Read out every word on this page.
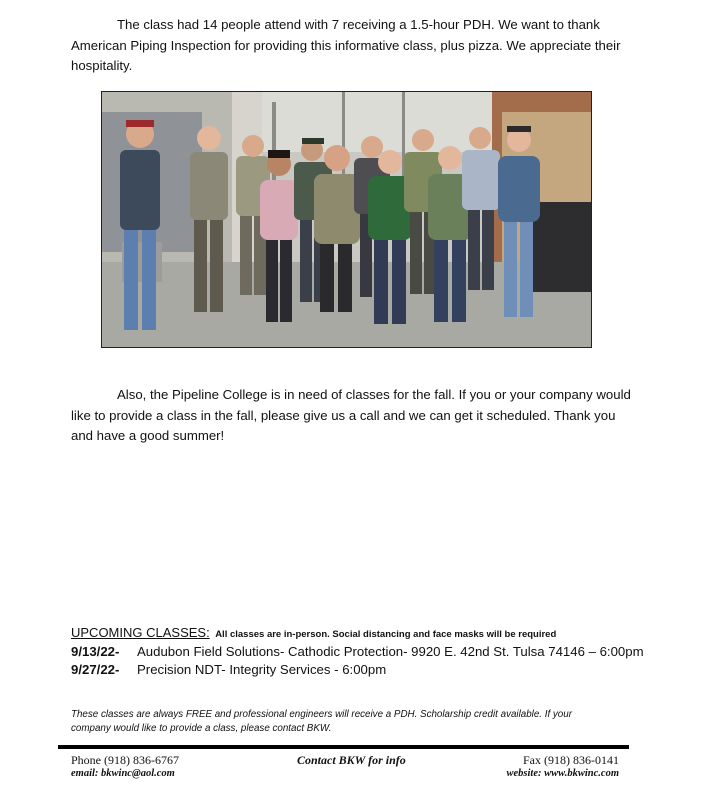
The class had 14 people attend with 7 receiving a 1.5-hour PDH. We want to thank American Piping Inspection for providing this informative class, plus pizza. We appreciate their hospitality.

Also, the Pipeline College is in need of classes for the fall. If you or your company would like to provide a class in the fall, please give us a call and we can get it scheduled. Thank you and have a good summer!

UPCOMING CLASSES: All classes are in-person. Social distancing and face masks will be required
9/13/22- Audubon Field Solutions- Cathodic Protection- 9920 E. 42nd St. Tulsa 74146 – 6:00pm
9/27/22- Precision NDT- Integrity Services - 6:00pm
These classes are always FREE and professional engineers will receive a PDH. Scholarship credit available. If your company would like to provide a class, please contact BKW.
Phone (918) 836-6767
email: bkwinc@aol.com
Contact BKW for info	Fax (918) 836-0141
website: www.bkwinc.com
